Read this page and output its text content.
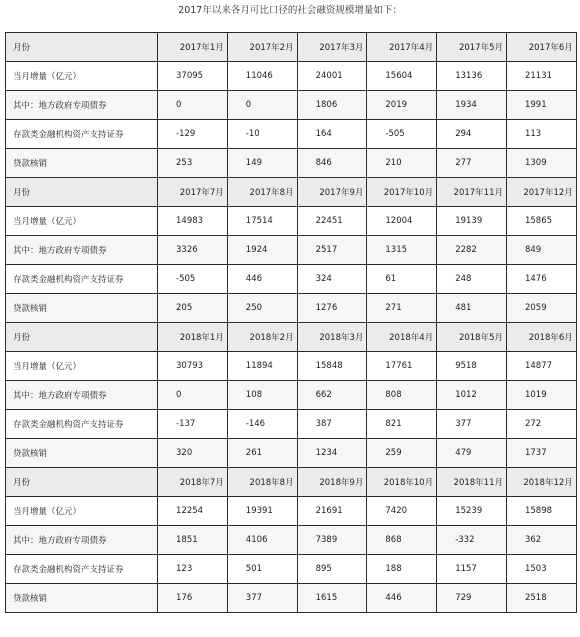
2017年以来各月可比口径的社会融资规模增量如下：
月份	2017年1月	2017年2月	2017年3月	2017年4月	2017年5月	2017年6月
当月增量（亿元）	37095	11046	24001	15604	13136	21131
其中：地方政府专项债券	0	0	1806	2019	1934	1991
存款类金融机构资产支持证券	-129	-10	164	-505	294	113
贷款核销	253	149	846	210	277	1309
月份	2017年7月	2017年8月	2017年9月	2017年10月	2017年11月	2017年12月
当月增量（亿元）	14983	17514	22451	12004	19139	15865
其中：地方政府专项债券	3326	1924	2517	1315	2282	849
存款类金融机构资产支持证券	-505	446	324	61	248	1476
贷款核销	205	250	1276	271	481	2059
月份	2018年1月	2018年2月	2018年3月	2018年4月	2018年5月	2018年6月
当月增量（亿元）	30793	11894	15848	17761	9518	14877
其中：地方政府专项债券	0	108	662	808	1012	1019
存款类金融机构资产支持证券	-137	-146	387	821	377	272
贷款核销	320	261	1234	259	479	1737
月份	2018年7月	2018年8月	2018年9月	2018年10月	2018年11月	2018年12月
当月增量（亿元）	12254	19391	21691	7420	15239	15898
其中：地方政府专项债券	1851	4106	7389	868	-332	362
存款类金融机构资产支持证券	123	501	895	188	1157	1503
贷款核销	176	377	1615	446	729	2518
